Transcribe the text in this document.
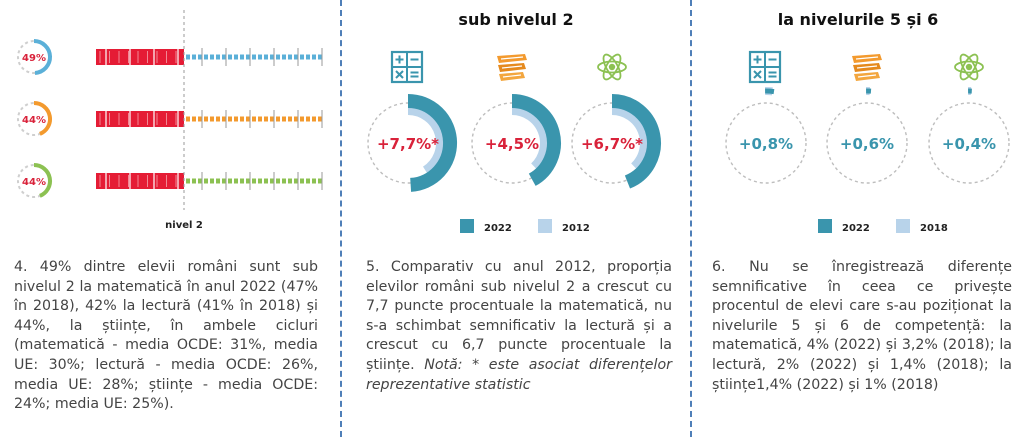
49%
44%
44%
nivel 2
4. 49% dintre elevii români sunt sub nivelul 2 la matematică în anul 2022 (47% în 2018), 42% la lectură (41% în 2018) și 44%, la științe, în ambele cicluri (matematică - media OCDE: 31%, media UE: 30%; lectură - media OCDE: 26%, media UE: 28%; științe - media OCDE: 24%; media UE: 25%).
sub nivelul 2
+7,7%*	+4,5%	+6,7%*
2022	2012
5. Comparativ cu anul 2012, proporția elevilor români sub nivelul 2 a crescut cu 7,7 puncte procentuale la matematică, nu s-a schimbat semnificativ la lectură și a crescut cu 6,7 puncte procentuale la științe. Notă: * este asociat diferențelor reprezentative statistic
la nivelurile 5 și 6
+0,8%	+0,6%	+0,4%
2022	2018
6. Nu se înregistrează diferențe semnificative în ceea ce privește procentul de elevi care s-au poziționat la nivelurile 5 și 6 de competență: la matematică, 4% (2022) și 3,2% (2018); la lectură, 2% (2022) și 1,4% (2018); la științe1,4% (2022) și 1% (2018)
